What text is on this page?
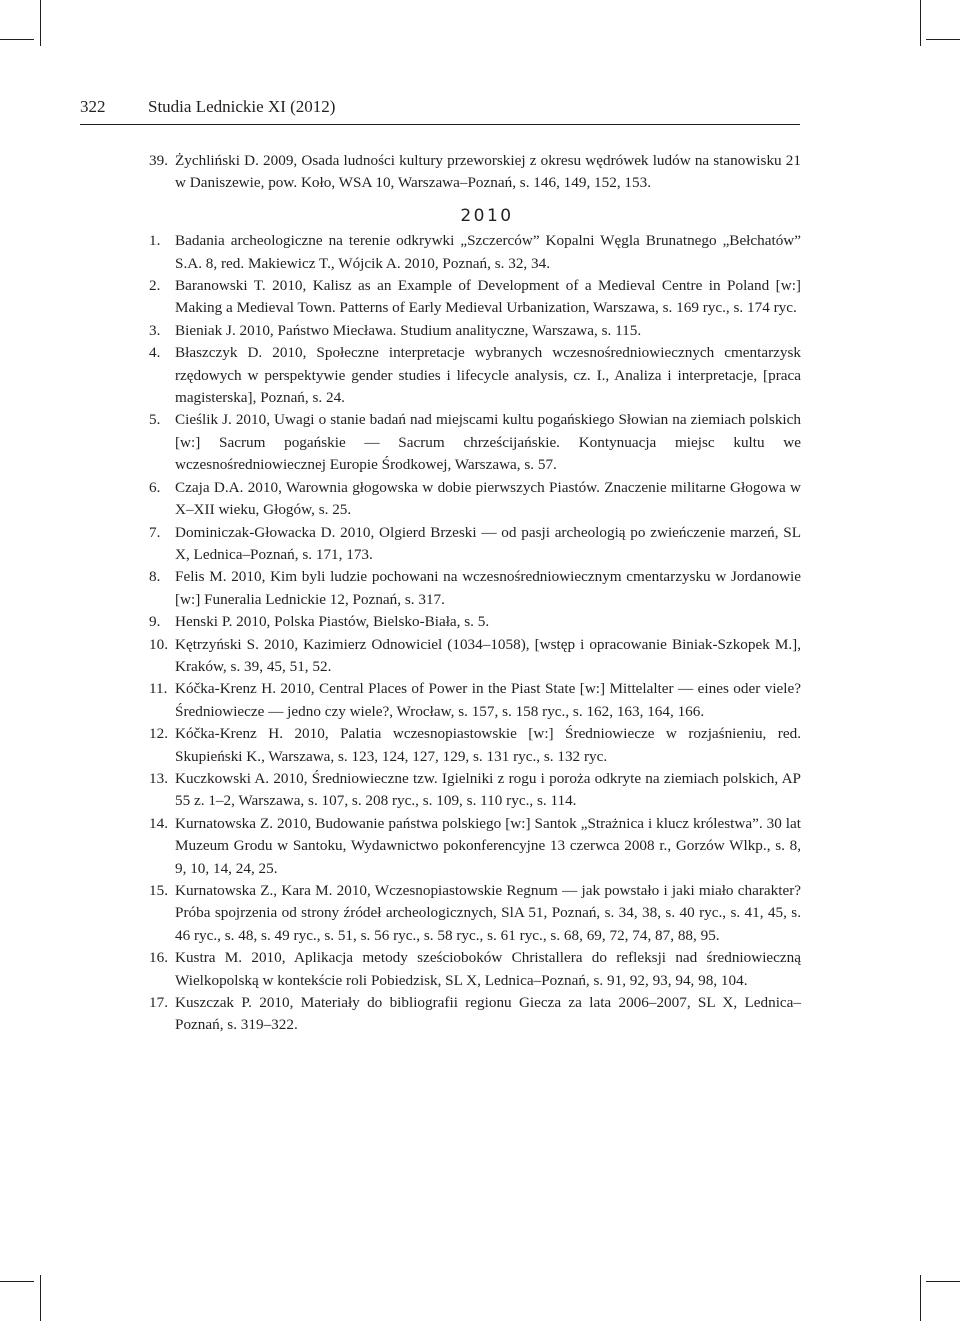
322	Studia Lednickie XI (2012)
39. Żychliński D. 2009, Osada ludności kultury przeworskiej z okresu wędrówek ludów na stanowisku 21 w Daniszewie, pow. Koło, WSA 10, Warszawa–Poznań, s. 146, 149, 152, 153.
2010
1. Badania archeologiczne na terenie odkrywki „Szczerców” Kopalni Węgla Brunatnego „Bełchatów” S.A. 8, red. Makiewicz T., Wójcik A. 2010, Poznań, s. 32, 34.
2. Baranowski T. 2010, Kalisz as an Example of Development of a Medieval Centre in Poland [w:] Making a Medieval Town. Patterns of Early Medieval Urbanization, Warszawa, s. 169 ryc., s. 174 ryc.
3. Bieniak J. 2010, Państwo Miecława. Studium analityczne, Warszawa, s. 115.
4. Błaszczyk D. 2010, Społeczne interpretacje wybranych wczesnośredniowiecznych cmentarzysk rzędowych w perspektywie gender studies i lifecycle analysis, cz. I., Analiza i interpretacje, [praca magisterska], Poznań, s. 24.
5. Cieślik J. 2010, Uwagi o stanie badań nad miejscami kultu pogańskiego Słowian na ziemiach polskich [w:] Sacrum pogańskie — Sacrum chrześcijańskie. Kontynuacja miejsc kultu we wczesnośredniowiecznej Europie Środkowej, Warszawa, s. 57.
6. Czaja D.A. 2010, Warownia głogowska w dobie pierwszych Piastów. Znaczenie militarne Głogowa w X–XII wieku, Głogów, s. 25.
7. Dominiczak-Głowacka D. 2010, Olgierd Brzeski — od pasji archeologią po zwieńczenie marzeń, SL X, Lednica–Poznań, s. 171, 173.
8. Felis M. 2010, Kim byli ludzie pochowani na wczesnośredniowiecznym cmentarzysku w Jordanowie [w:] Funeralia Lednickie 12, Poznań, s. 317.
9. Henski P. 2010, Polska Piastów, Bielsko-Biała, s. 5.
10. Kętrzyński S. 2010, Kazimierz Odnowiciel (1034–1058), [wstęp i opracowanie Biniak-Szkopek M.], Kraków, s. 39, 45, 51, 52.
11. Kóčka-Krenz H. 2010, Central Places of Power in the Piast State [w:] Mittelalter — eines oder viele? Średniowiecze — jedno czy wiele?, Wrocław, s. 157, s. 158 ryc., s. 162, 163, 164, 166.
12. Kóčka-Krenz H. 2010, Palatia wczesnopiastowskie [w:] Średniowiecze w rozjaśnieniu, red. Skupieński K., Warszawa, s. 123, 124, 127, 129, s. 131 ryc., s. 132 ryc.
13. Kuczkowski A. 2010, Średniowieczne tzw. Igielniki z rogu i poroża odkryte na ziemiach polskich, AP 55 z. 1–2, Warszawa, s. 107, s. 208 ryc., s. 109, s. 110 ryc., s. 114.
14. Kurnatowska Z. 2010, Budowanie państwa polskiego [w:] Santok „Strażnica i klucz królestwa”. 30 lat Muzeum Grodu w Santoku, Wydawnictwo pokonferencyjne 13 czerwca 2008 r., Gorzów Wlkp., s. 8, 9, 10, 14, 24, 25.
15. Kurnatowska Z., Kara M. 2010, Wczesnopiastowskie Regnum — jak powstało i jaki miało charakter? Próba spojrzenia od strony źródeł archeologicznych, SlA 51, Poznań, s. 34, 38, s. 40 ryc., s. 41, 45, s. 46 ryc., s. 48, s. 49 ryc., s. 51, s. 56 ryc., s. 58 ryc., s. 61 ryc., s. 68, 69, 72, 74, 87, 88, 95.
16. Kustra M. 2010, Aplikacja metody sześcioboków Christallera do refleksji nad średniowieczną Wielkopolską w kontekście roli Pobiedzisk, SL X, Lednica–Poznań, s. 91, 92, 93, 94, 98, 104.
17. Kuszczak P. 2010, Materiały do bibliografii regionu Giecza za lata 2006–2007, SL X, Lednica–Poznań, s. 319–322.
